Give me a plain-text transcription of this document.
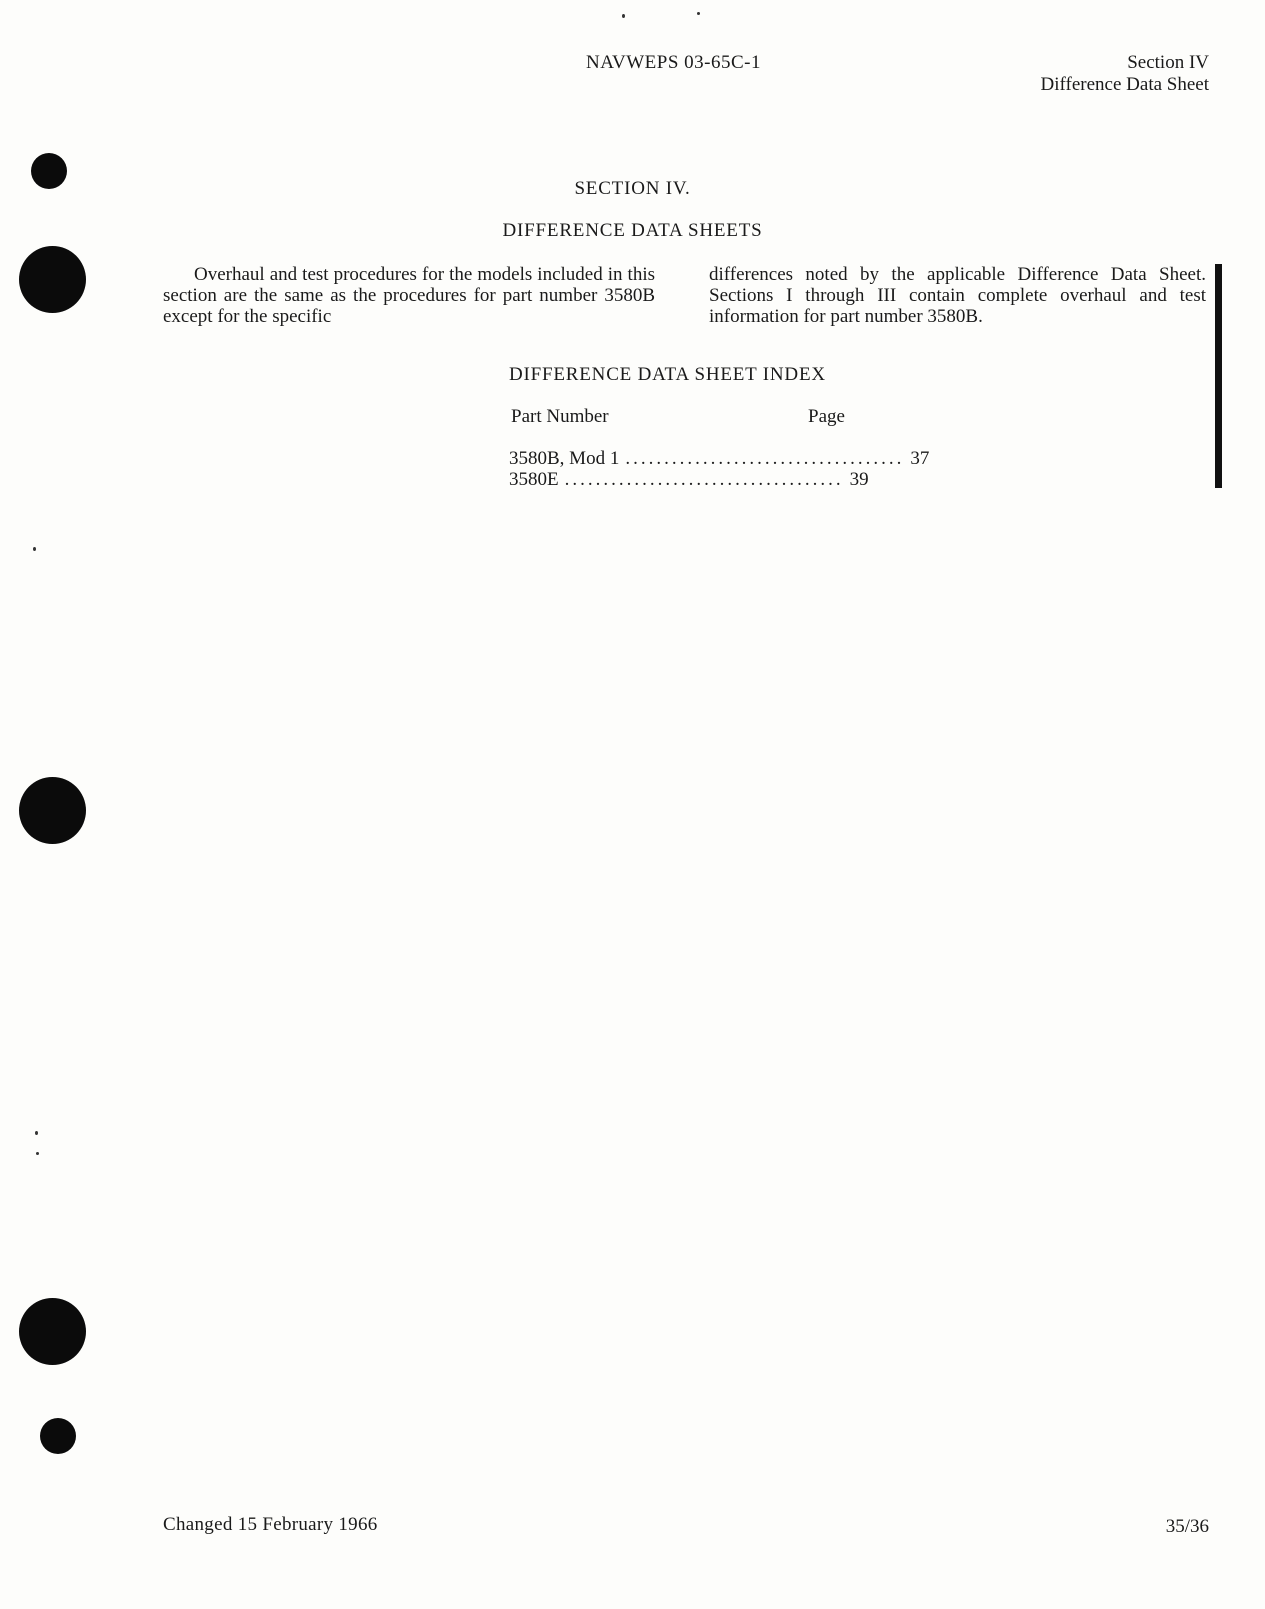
NAVWEPS 03-65C-1	Section IV
Difference Data Sheet
SECTION IV.
DIFFERENCE DATA SHEETS
Overhaul and test procedures for the models included in this section are the same as the procedures for part number 3580B except for the specific
differences noted by the applicable Difference Data Sheet. Sections I through III contain complete overhaul and test information for part number 3580B.
DIFFERENCE DATA SHEET INDEX
Part Number	Page
3580B, Mod 1 .................................... 37
3580E .................................... 39
Changed 15 February 1966	35/36
